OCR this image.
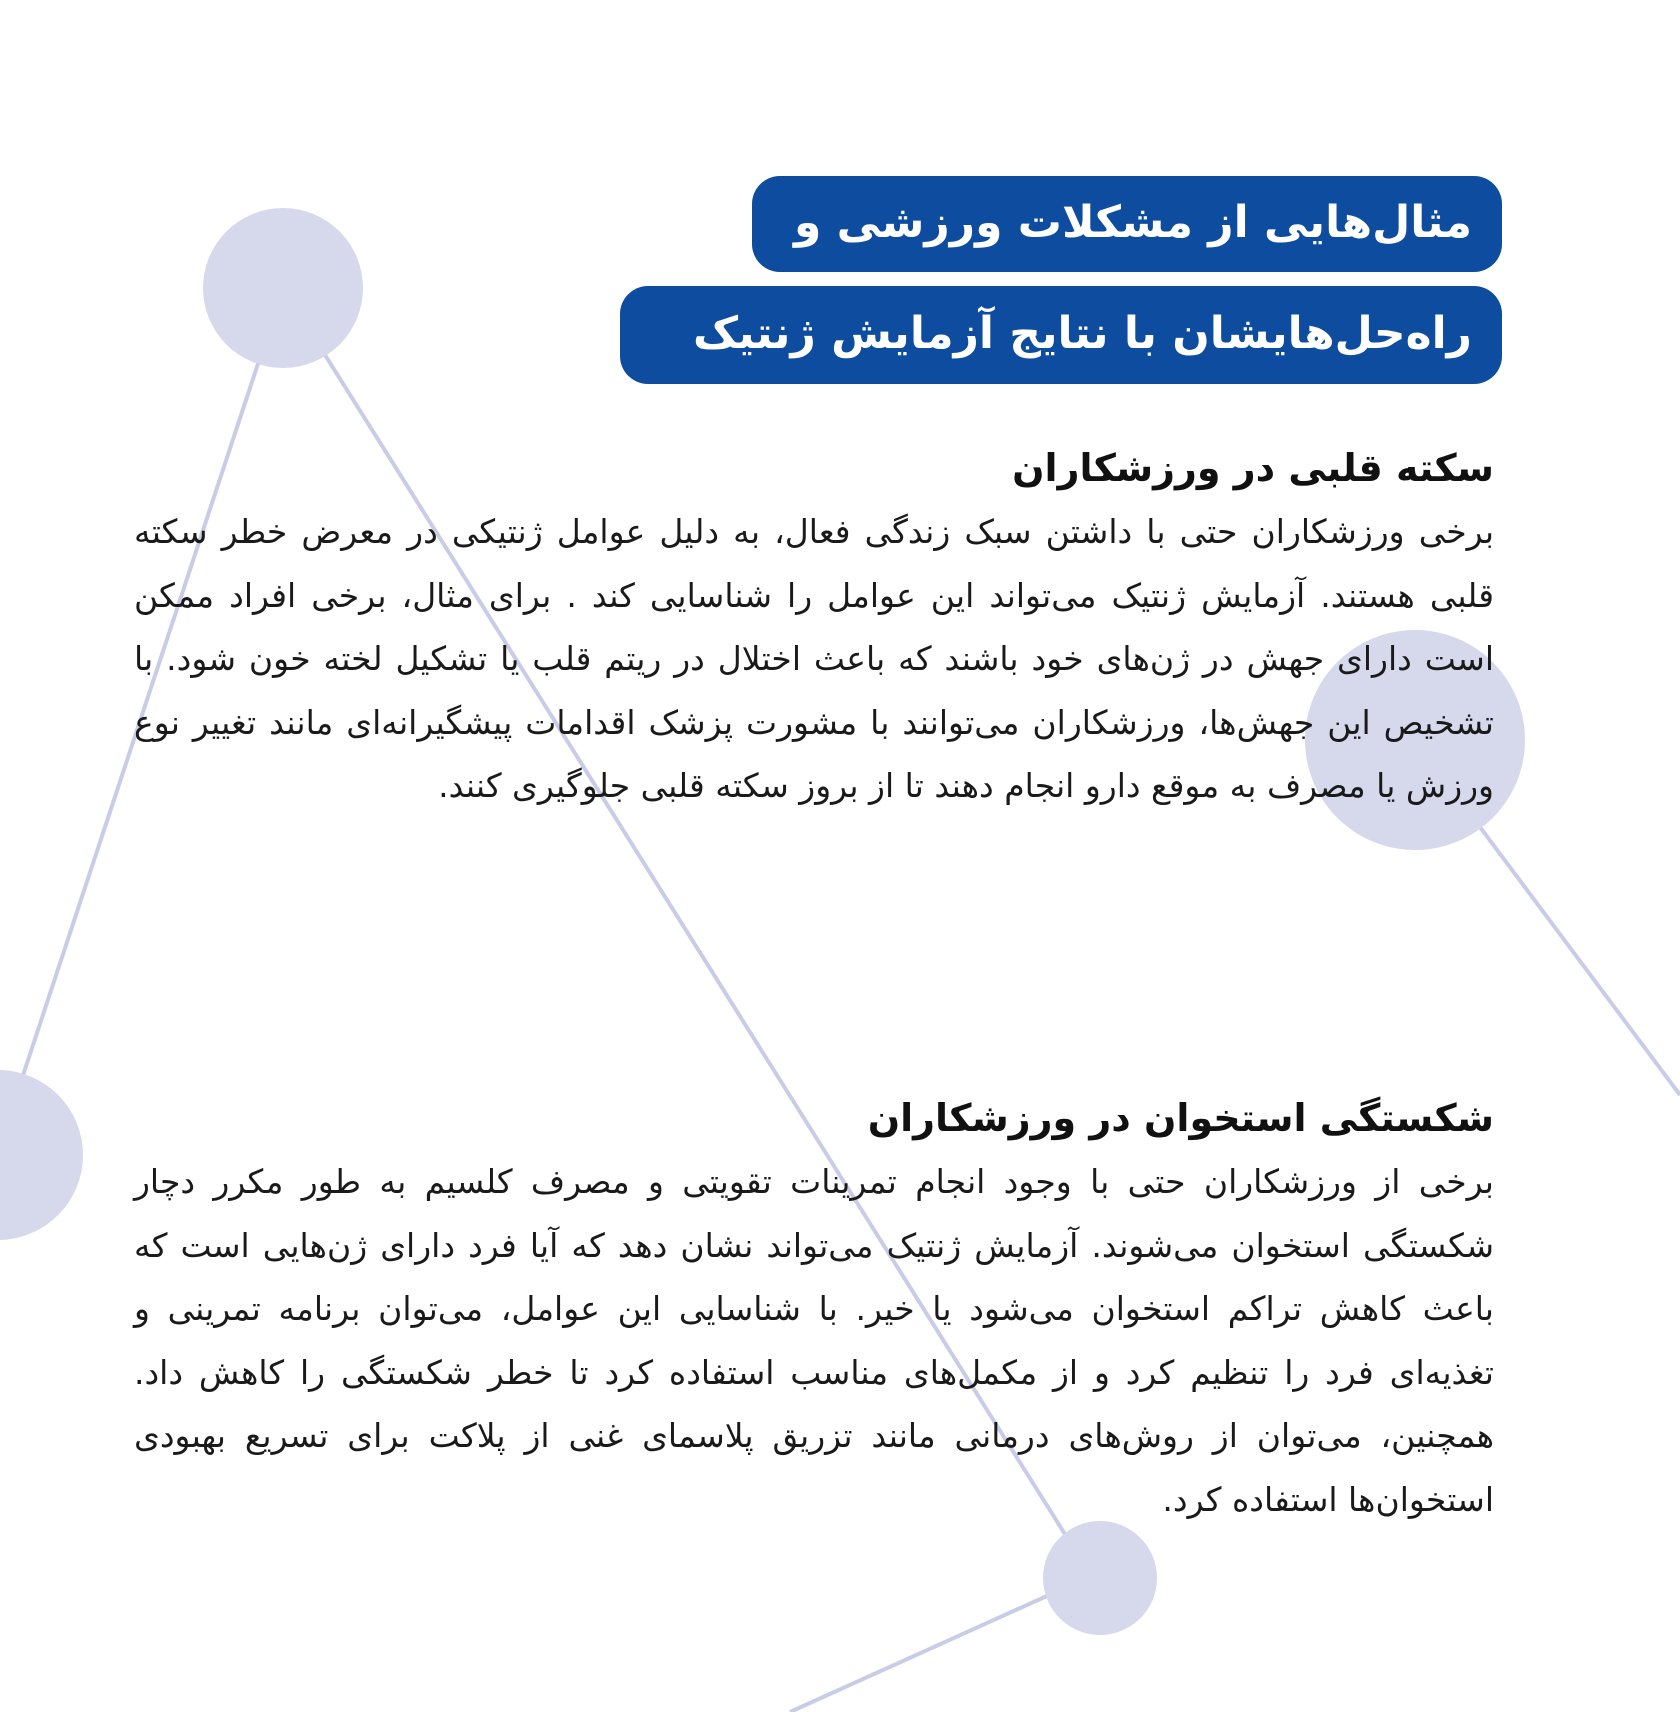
مثال‌هایی از مشکلات ورزشی و
راه‌حل‌هایشان با نتایج آزمایش ژنتیک
سکته قلبی در ورزشکاران

برخی ورزشکاران حتی با داشتن سبک زندگی فعال، به دلیل عوامل ژنتیکی در معرض خطر سکته قلبی هستند. آزمایش ژنتیک می‌تواند این عوامل را شناسایی کند . برای مثال، برخی افراد ممکن است دارای جهش در ژن‌های خود باشند که باعث اختلال در ریتم قلب یا تشکیل لخته خون شود. با تشخیص این جهش‌ها، ورزشکاران می‌توانند با مشورت پزشک اقدامات پیشگیرانه‌ای مانند تغییر نوع ورزش یا مصرف به موقع دارو انجام دهند تا از بروز سکته قلبی جلوگیری کنند.

شکستگی استخوان در ورزشکاران

برخی از ورزشکاران حتی با وجود انجام تمرینات تقویتی و مصرف کلسیم به طور مکرر دچار شکستگی استخوان می‌شوند. آزمایش ژنتیک می‌تواند نشان دهد که آیا فرد دارای ژن‌هایی است که باعث کاهش تراکم استخوان می‌شود یا خیر. با شناسایی این عوامل، می‌توان برنامه تمرینی و تغذیه‌ای فرد را تنظیم کرد و از مکمل‌های مناسب استفاده کرد تا خطر شکستگی را کاهش داد. همچنین، می‌توان از روش‌های درمانی مانند تزریق پلاسمای غنی از پلاکت برای تسریع بهبودی استخوان‌ها استفاده کرد.
